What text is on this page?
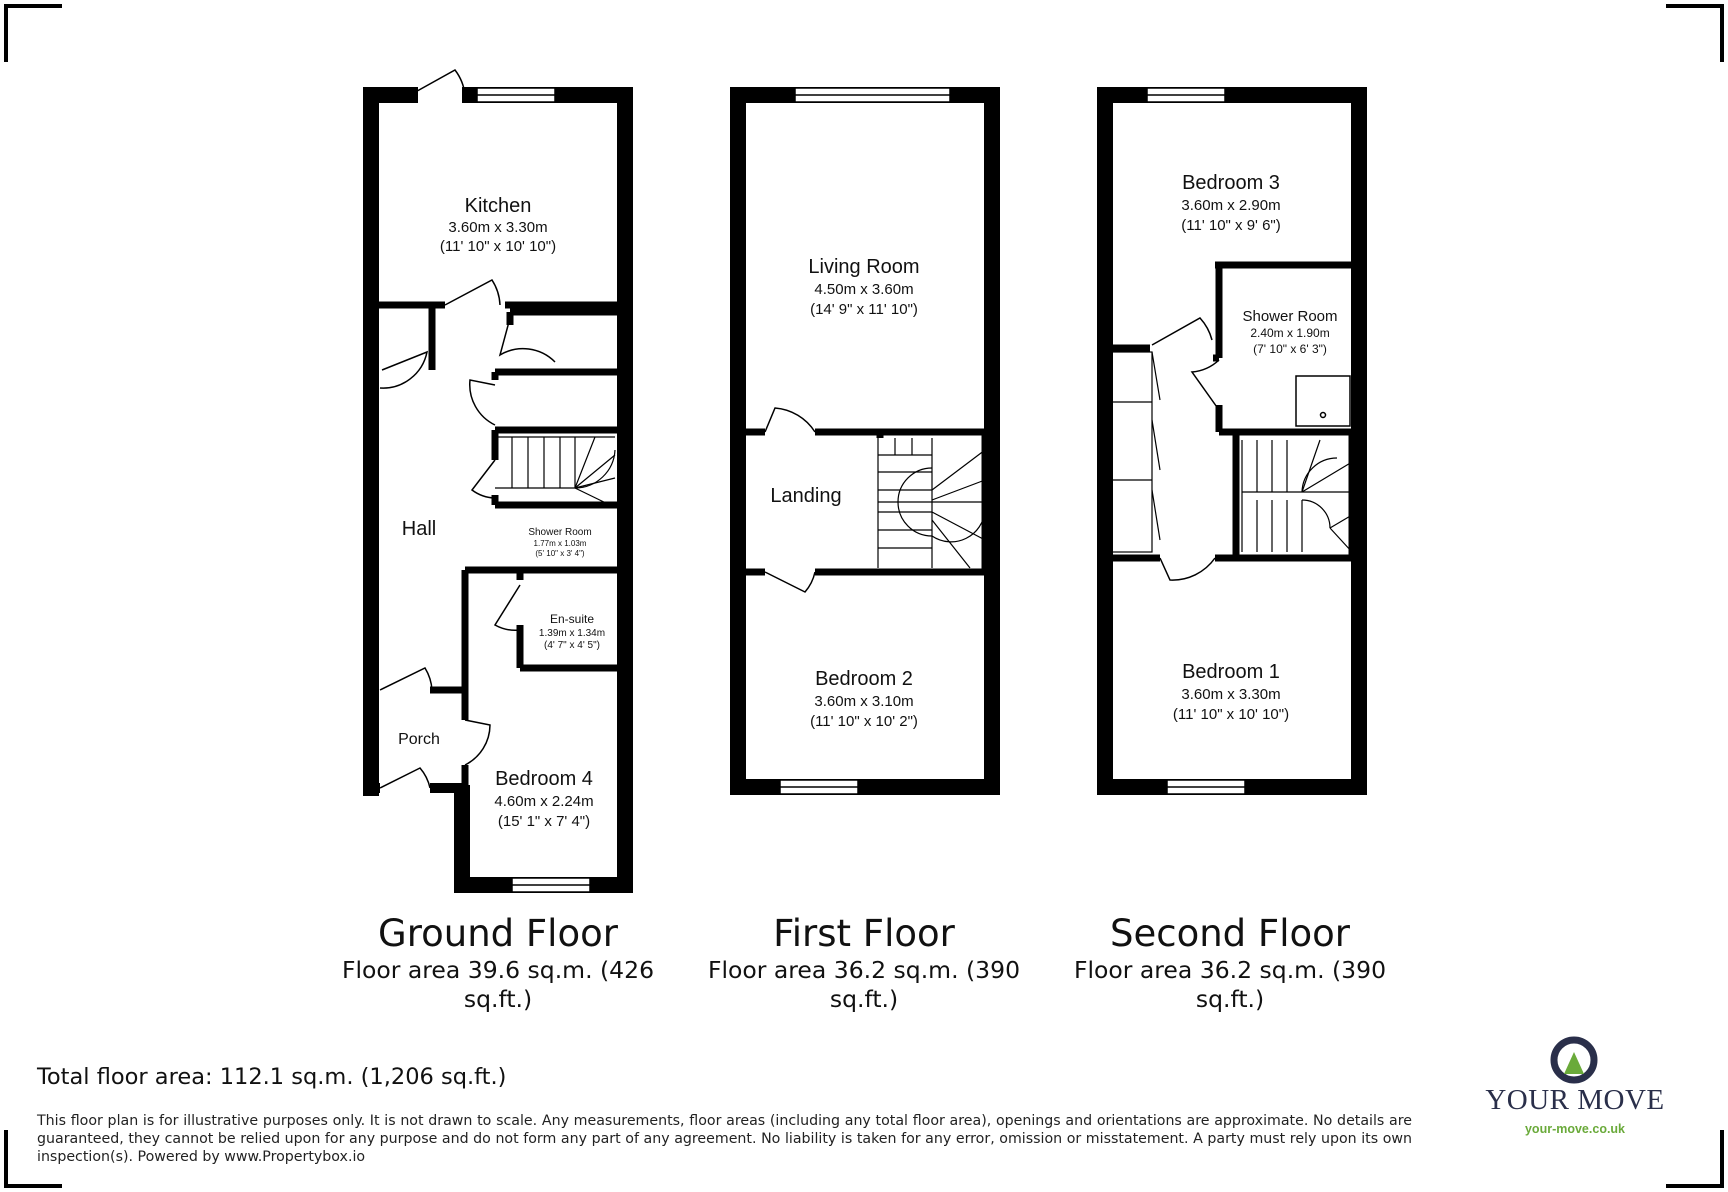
Kitchen
3.60m x 3.30m
(11' 10" x 10' 10")
Hall	Shower Room
1.77m x 1.03m
(5' 10" x 3' 4")
En-suite
1.39m x 1.34m
(4' 7" x 4' 5")
Porch
Bedroom 4
4.60m x 2.24m
(15' 1" x 7' 4")
Living Room
4.50m x 3.60m
(14' 9" x 11' 10")
Landing
Bedroom 2
3.60m x 3.10m
(11' 10" x 10' 2")
Bedroom 3
3.60m x 2.90m
(11' 10" x 9' 6")
Shower Room
2.40m x 1.90m
(7' 10" x 6' 3")
Bedroom 1
3.60m x 3.30m
(11' 10" x 10' 10")
Ground Floor
Floor area 39.6 sq.m. (426 sq.ft.)
First Floor
Floor area 36.2 sq.m. (390 sq.ft.)
Second Floor
Floor area 36.2 sq.m. (390 sq.ft.)
Total floor area: 112.1 sq.m. (1,206 sq.ft.)
This floor plan is for illustrative purposes only. It is not drawn to scale. Any measurements, floor areas (including any total floor area), openings and orientations are approximate. No details are guaranteed, they cannot be relied upon for any purpose and do not form any part of any agreement. No liability is taken for any error, omission or misstatement. A party must rely upon its own inspection(s). Powered by www.Propertybox.io
YOUR MOVE
your-move.co.uk
